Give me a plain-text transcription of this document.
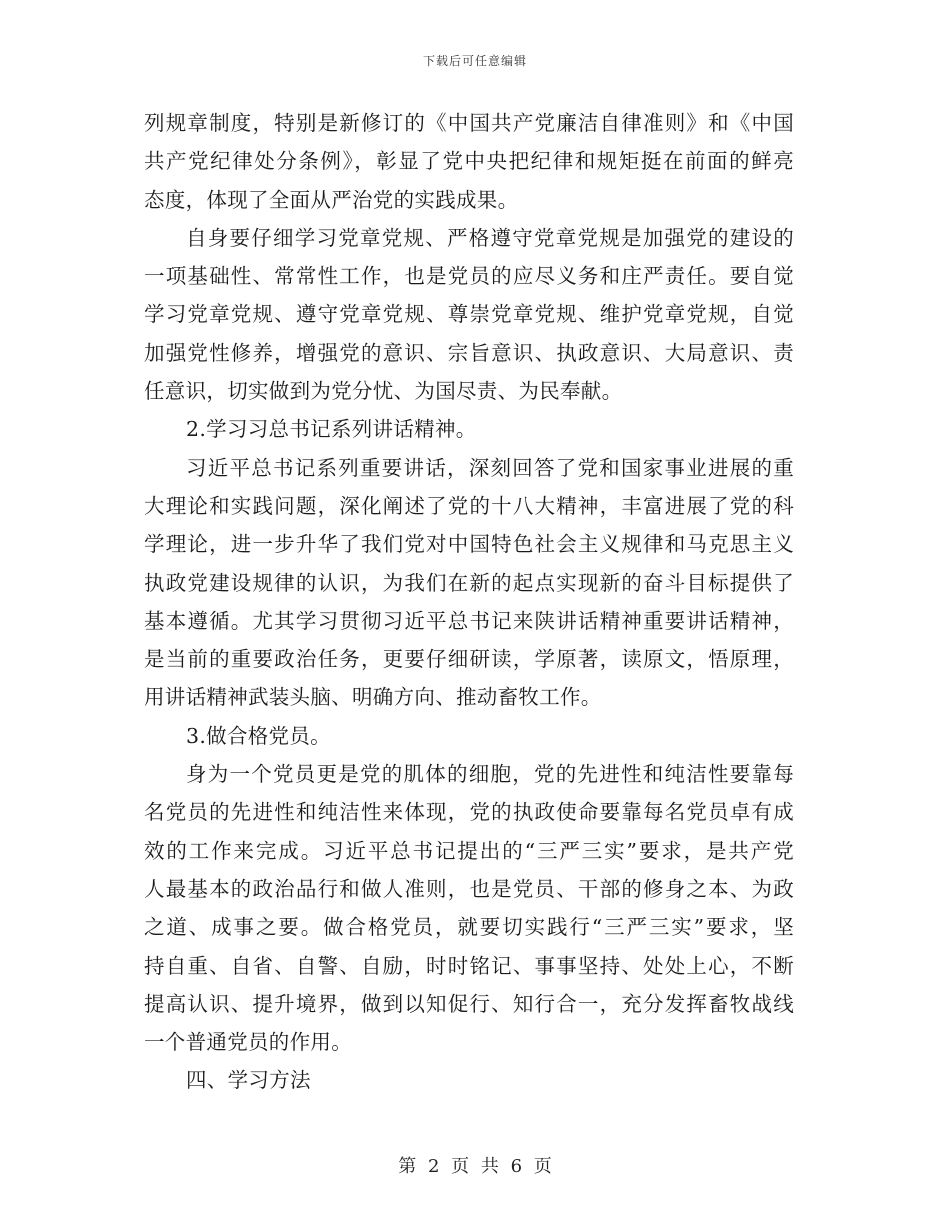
下载后可任意编辑
列规章制度，特别是新修订的《中国共产党廉洁自律准则》和《中国
共产党纪律处分条例》，彰显了党中央把纪律和规矩挺在前面的鲜亮
态度，体现了全面从严治党的实践成果。
自身要仔细学习党章党规、严格遵守党章党规是加强党的建设的
一项基础性、常常性工作，也是党员的应尽义务和庄严责任。要自觉
学习党章党规、遵守党章党规、尊崇党章党规、维护党章党规，自觉
加强党性修养，增强党的意识、宗旨意识、执政意识、大局意识、责
任意识，切实做到为党分忧、为国尽责、为民奉献。
2.学习习总书记系列讲话精神。
习近平总书记系列重要讲话，深刻回答了党和国家事业进展的重
大理论和实践问题，深化阐述了党的十八大精神，丰富进展了党的科
学理论，进一步升华了我们党对中国特色社会主义规律和马克思主义
执政党建设规律的认识，为我们在新的起点实现新的奋斗目标提供了
基本遵循。尤其学习贯彻习近平总书记来陕讲话精神重要讲话精神，
是当前的重要政治任务，更要仔细研读，学原著，读原文，悟原理，
用讲话精神武装头脑、明确方向、推动畜牧工作。
3.做合格党员。
身为一个党员更是党的肌体的细胞，党的先进性和纯洁性要靠每
名党员的先进性和纯洁性来体现，党的执政使命要靠每名党员卓有成
效的工作来完成。习近平总书记提出的“三严三实”要求，是共产党
人最基本的政治品行和做人准则，也是党员、干部的修身之本、为政
之道、成事之要。做合格党员，就要切实践行“三严三实”要求，坚
持自重、自省、自警、自励，时时铭记、事事坚持、处处上心，不断
提高认识、提升境界，做到以知促行、知行合一，充分发挥畜牧战线
一个普通党员的作用。
四、学习方法
第 2 页 共 6 页
